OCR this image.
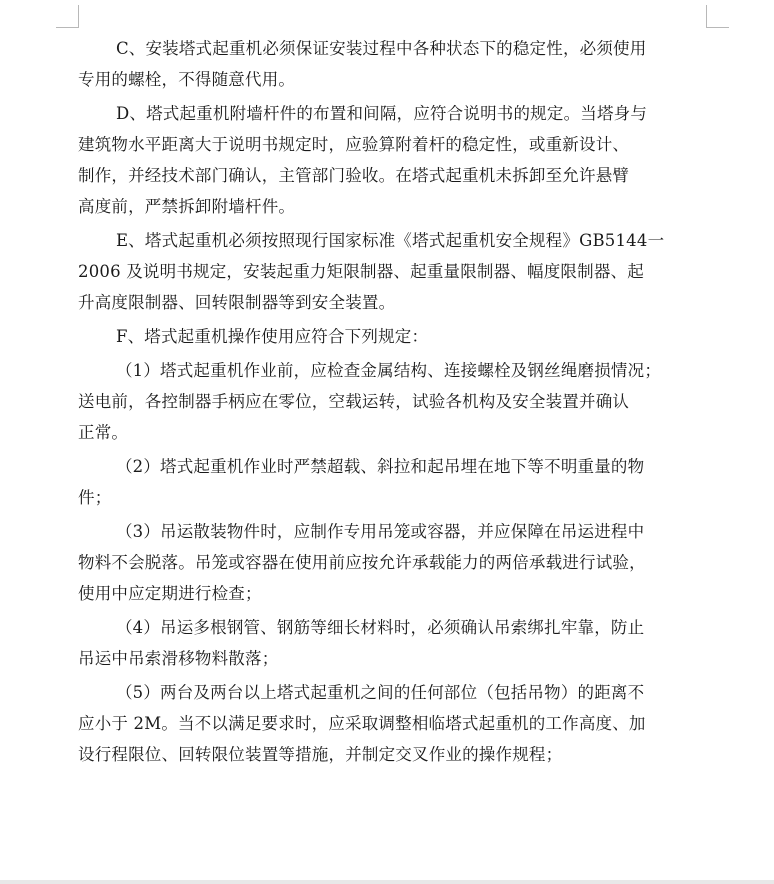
C、安装塔式起重机必须保证安装过程中各种状态下的稳定性，必须使用
专用的螺栓，不得随意代用。

D、塔式起重机附墙杆件的布置和间隔，应符合说明书的规定。当塔身与
建筑物水平距离大于说明书规定时，应验算附着杆的稳定性，或重新设计、
制作，并经技术部门确认，主管部门验收。在塔式起重机未拆卸至允许悬臂
高度前，严禁拆卸附墙杆件。

E、塔式起重机必须按照现行国家标准《塔式起重机安全规程》GB5144一
2006 及说明书规定，安装起重力矩限制器、起重量限制器、幅度限制器、起
升高度限制器、回转限制器等到安全装置。

F、塔式起重机操作使用应符合下列规定：

（1）塔式起重机作业前，应检查金属结构、连接螺栓及钢丝绳磨损情况；
送电前，各控制器手柄应在零位，空载运转，试验各机构及安全装置并确认
正常。

（2）塔式起重机作业时严禁超载、斜拉和起吊埋在地下等不明重量的物
件；

（3）吊运散装物件时，应制作专用吊笼或容器，并应保障在吊运进程中
物料不会脱落。吊笼或容器在使用前应按允许承载能力的两倍承载进行试验，
使用中应定期进行检查；

（4）吊运多根钢管、钢筋等细长材料时，必须确认吊索绑扎牢靠，防止
吊运中吊索滑移物料散落；

（5）两台及两台以上塔式起重机之间的任何部位（包括吊物）的距离不
应小于 2M。当不以满足要求时，应采取调整相临塔式起重机的工作高度、加
设行程限位、回转限位装置等措施，并制定交叉作业的操作规程；
